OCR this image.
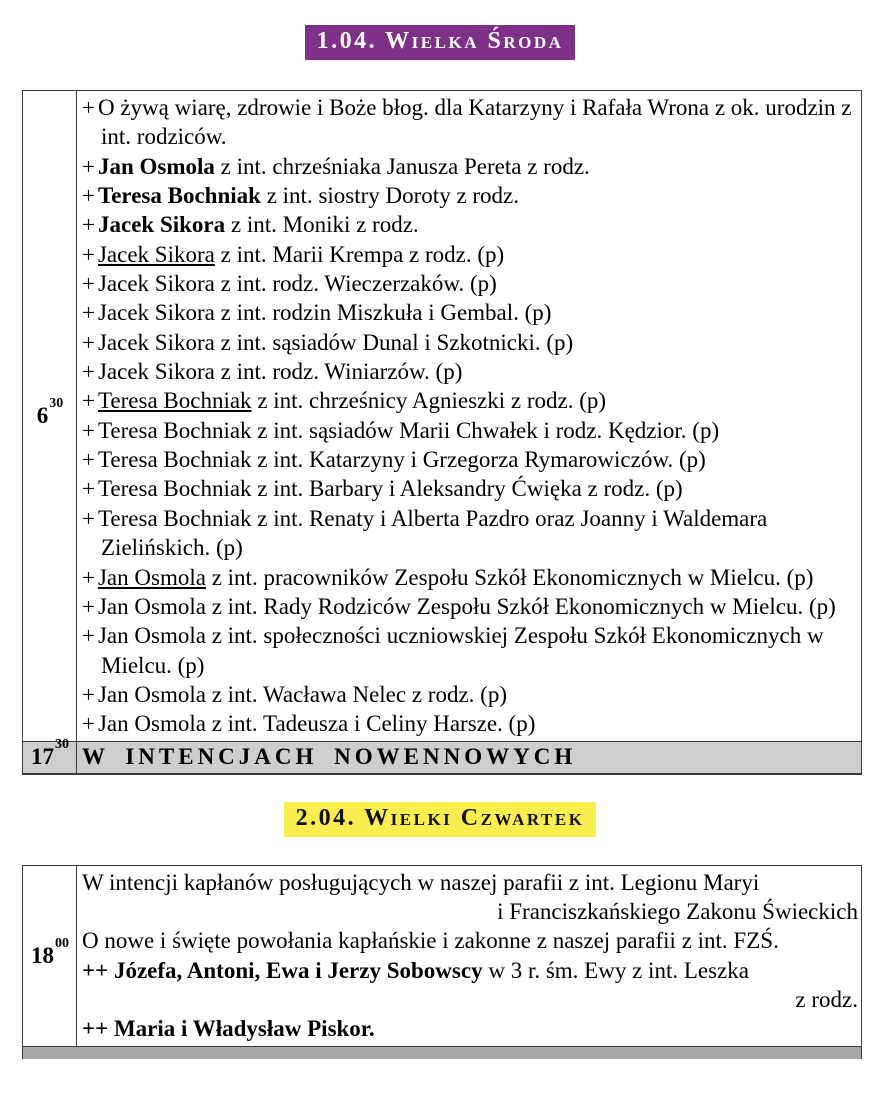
1.04. Wielka Środa
$6^{30}$
+ O żywą wiarę, zdrowie i Boże błog. dla Katarzyny i Rafała Wrona z ok. urodzin z int. rodziców.
+ Jan Osmola z int. chrześniaka Janusza Pereta z rodz.
+ Teresa Bochniak z int. siostry Doroty z rodz.
+ Jacek Sikora z int. Moniki z rodz.
+ Jacek Sikora z int. Marii Krempa z rodz. (p)
+ Jacek Sikora z int. rodz. Wieczerzaków. (p)
+ Jacek Sikora z int. rodzin Miszkuła i Gembal. (p)
+ Jacek Sikora z int. sąsiadów Dunal i Szkotnicki. (p)
+ Jacek Sikora z int. rodz. Winiarzów. (p)
+ Teresa Bochniak z int. chrześnicy Agnieszki z rodz. (p)
+ Teresa Bochniak z int. sąsiadów Marii Chwałek i rodz. Kędzior. (p)
+ Teresa Bochniak z int. Katarzyny i Grzegorza Rymarowiczów. (p)
+ Teresa Bochniak z int. Barbary i Aleksandry Ćwięka z rodz. (p)
+ Teresa Bochniak z int. Renaty i Alberta Pazdro oraz Joanny i Waldemara Zielińskich. (p)
+ Jan Osmola z int. pracowników Zespołu Szkół Ekonomicznych w Mielcu. (p)
+ Jan Osmola z int. Rady Rodziców Zespołu Szkół Ekonomicznych w Mielcu. (p)
+ Jan Osmola z int. społeczności uczniowskiej Zespołu Szkół Ekonomicznych w Mielcu. (p)
+ Jan Osmola z int. Wacława Nelec z rodz. (p)
+ Jan Osmola z int. Tadeusza i Celiny Harsze. (p)
$17^{30}$ W INTENCJACH NOWENNOWYCH
2.04. Wielki Czwartek
$18^{00}$
W intencji kapłanów posługujących w naszej parafii z int. Legionu Maryi
i Franciszkańskiego Zakonu Świeckich
O nowe i święte powołania kapłańskie i zakonne z naszej parafii z int. FZŚ.
++ Józefa, Antoni, Ewa i Jerzy Sobowscy w 3 r. śm. Ewy z int. Leszka
z rodz.
++ Maria i Władysław Piskor.
